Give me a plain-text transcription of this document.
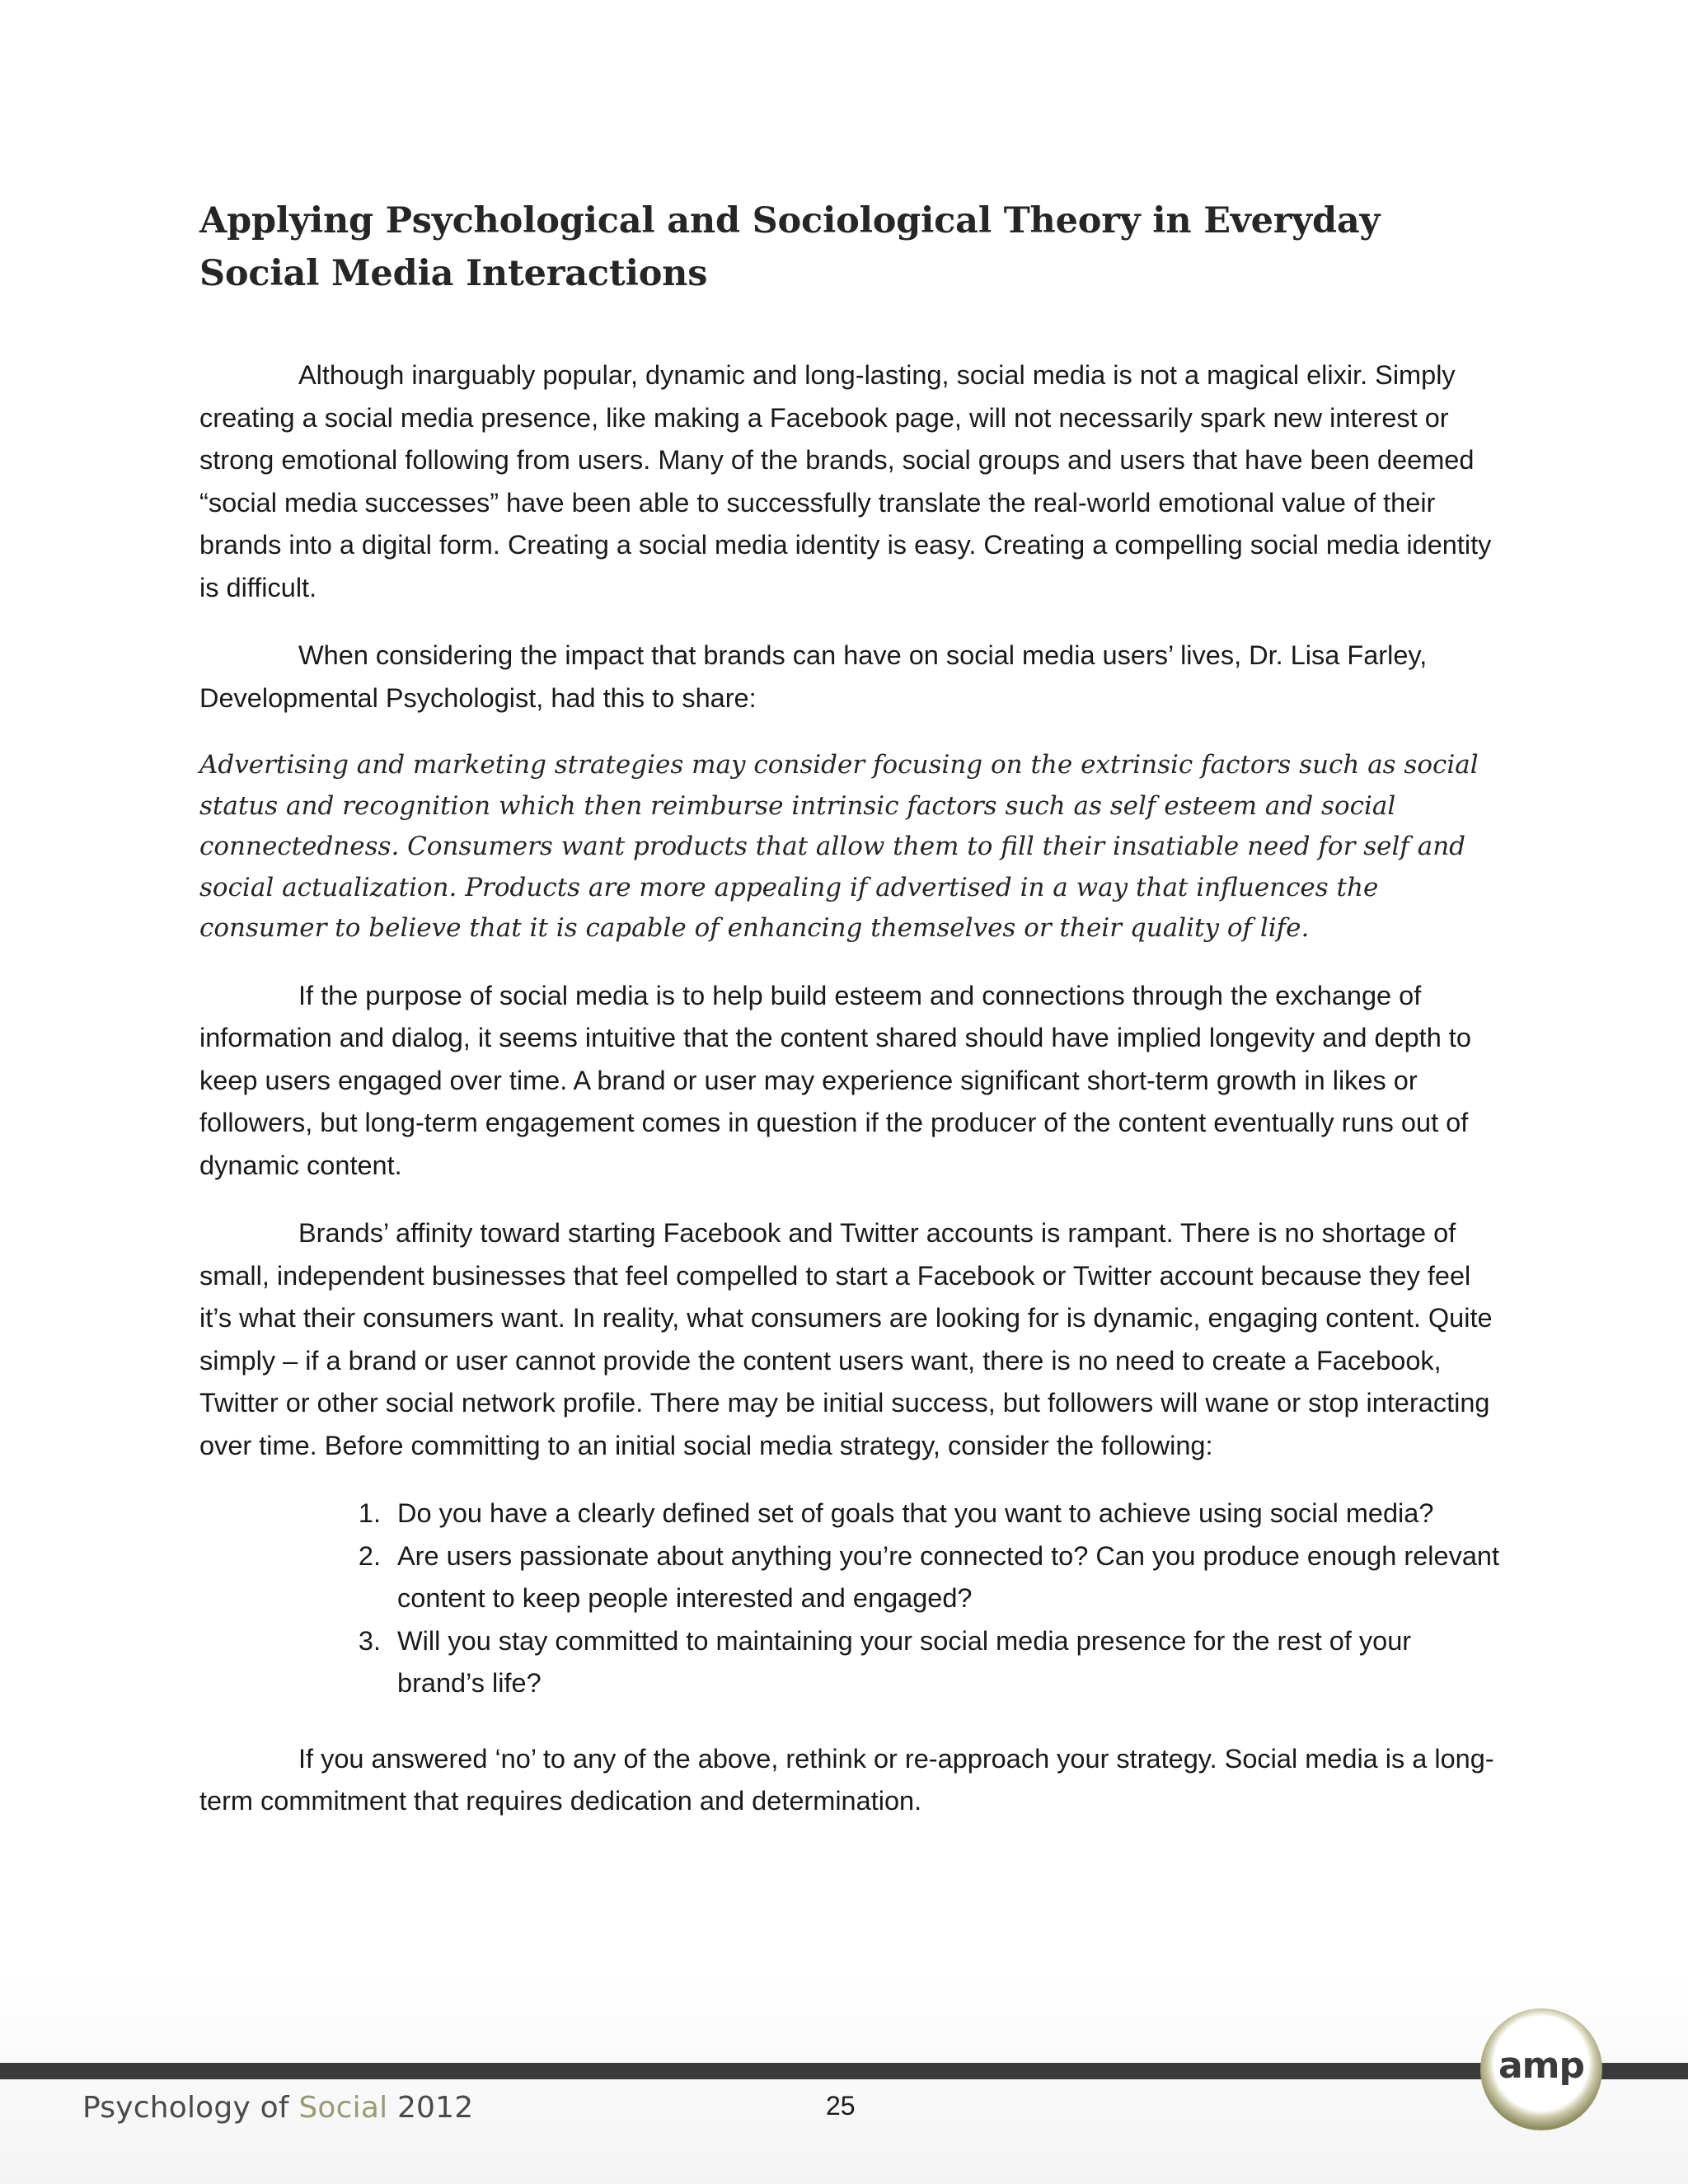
Applying Psychological and Sociological Theory in Everyday Social Media Interactions

Although inarguably popular, dynamic and long-lasting, social media is not a magical elixir. Simply creating a social media presence, like making a Facebook page, will not necessarily spark new interest or strong emotional following from users. Many of the brands, social groups and users that have been deemed “social media successes” have been able to successfully translate the real-world emotional value of their brands into a digital form. Creating a social media identity is easy. Creating a compelling social media identity is difficult.

When considering the impact that brands can have on social media users’ lives, Dr. Lisa Farley, Developmental Psychologist, had this to share:

Advertising and marketing strategies may consider focusing on the extrinsic factors such as social status and recognition which then reimburse intrinsic factors such as self esteem and social connectedness. Consumers want products that allow them to fill their insatiable need for self and social actualization. Products are more appealing if advertised in a way that influences the consumer to believe that it is capable of enhancing themselves or their quality of life.

If the purpose of social media is to help build esteem and connections through the exchange of information and dialog, it seems intuitive that the content shared should have implied longevity and depth to keep users engaged over time. A brand or user may experience significant short-term growth in likes or followers, but long-term engagement comes in question if the producer of the content eventually runs out of dynamic content.

Brands’ affinity toward starting Facebook and Twitter accounts is rampant. There is no shortage of small, independent businesses that feel compelled to start a Facebook or Twitter account because they feel it’s what their consumers want. In reality, what consumers are looking for is dynamic, engaging content. Quite simply – if a brand or user cannot provide the content users want, there is no need to create a Facebook, Twitter or other social network profile. There may be initial success, but followers will wane or stop interacting over time. Before committing to an initial social media strategy, consider the following:

1. Do you have a clearly defined set of goals that you want to achieve using social media?
2. Are users passionate about anything you’re connected to? Can you produce enough relevant content to keep people interested and engaged?
3. Will you stay committed to maintaining your social media presence for the rest of your brand’s life?

If you answered ‘no’ to any of the above, rethink or re-approach your strategy. Social media is a long-term commitment that requires dedication and determination.

Psychology of Social 2012	25
amp
